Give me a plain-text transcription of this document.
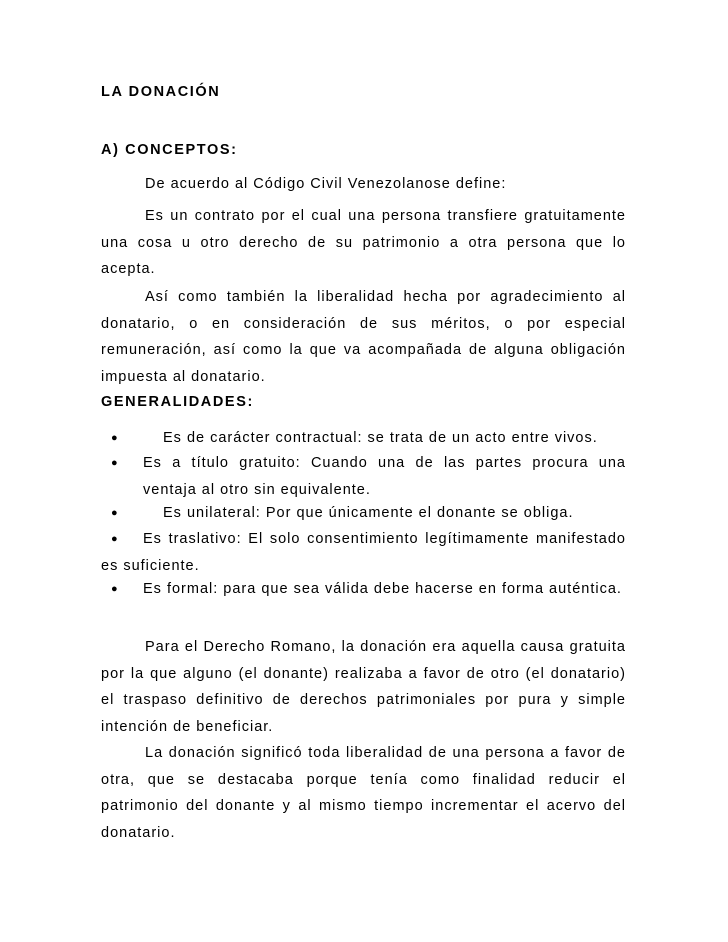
LA DONACIÓN
A) CONCEPTOS:
De acuerdo al Código Civil Venezolanose define:
Es un contrato por el cual una persona transfiere gratuitamente una cosa u otro derecho de su patrimonio a otra persona que lo acepta.
Así como también la liberalidad hecha por agradecimiento al donatario, o en consideración de sus méritos, o por especial remuneración, así como la que va acompañada de alguna obligación impuesta al donatario.
GENERALIDADES:
●	Es de carácter contractual: se trata de un acto entre vivos.
● Es a título gratuito: Cuando una de las partes procura una ventaja al otro sin equivalente.
●	Es unilateral: Por que únicamente el donante se obliga.
●	Es traslativo: El solo consentimiento legítimamente manifestado es suficiente.
●	Es formal: para que sea válida debe hacerse en forma auténtica.
Para el Derecho Romano, la donación era aquella causa gratuita por la que alguno (el donante) realizaba a favor de otro (el donatario) el traspaso definitivo de derechos patrimoniales por pura y simple intención de beneficiar.
La donación significó toda liberalidad de una persona a favor de otra, que se destacaba porque tenía como finalidad reducir el patrimonio del donante y al mismo tiempo incrementar el acervo del donatario.
